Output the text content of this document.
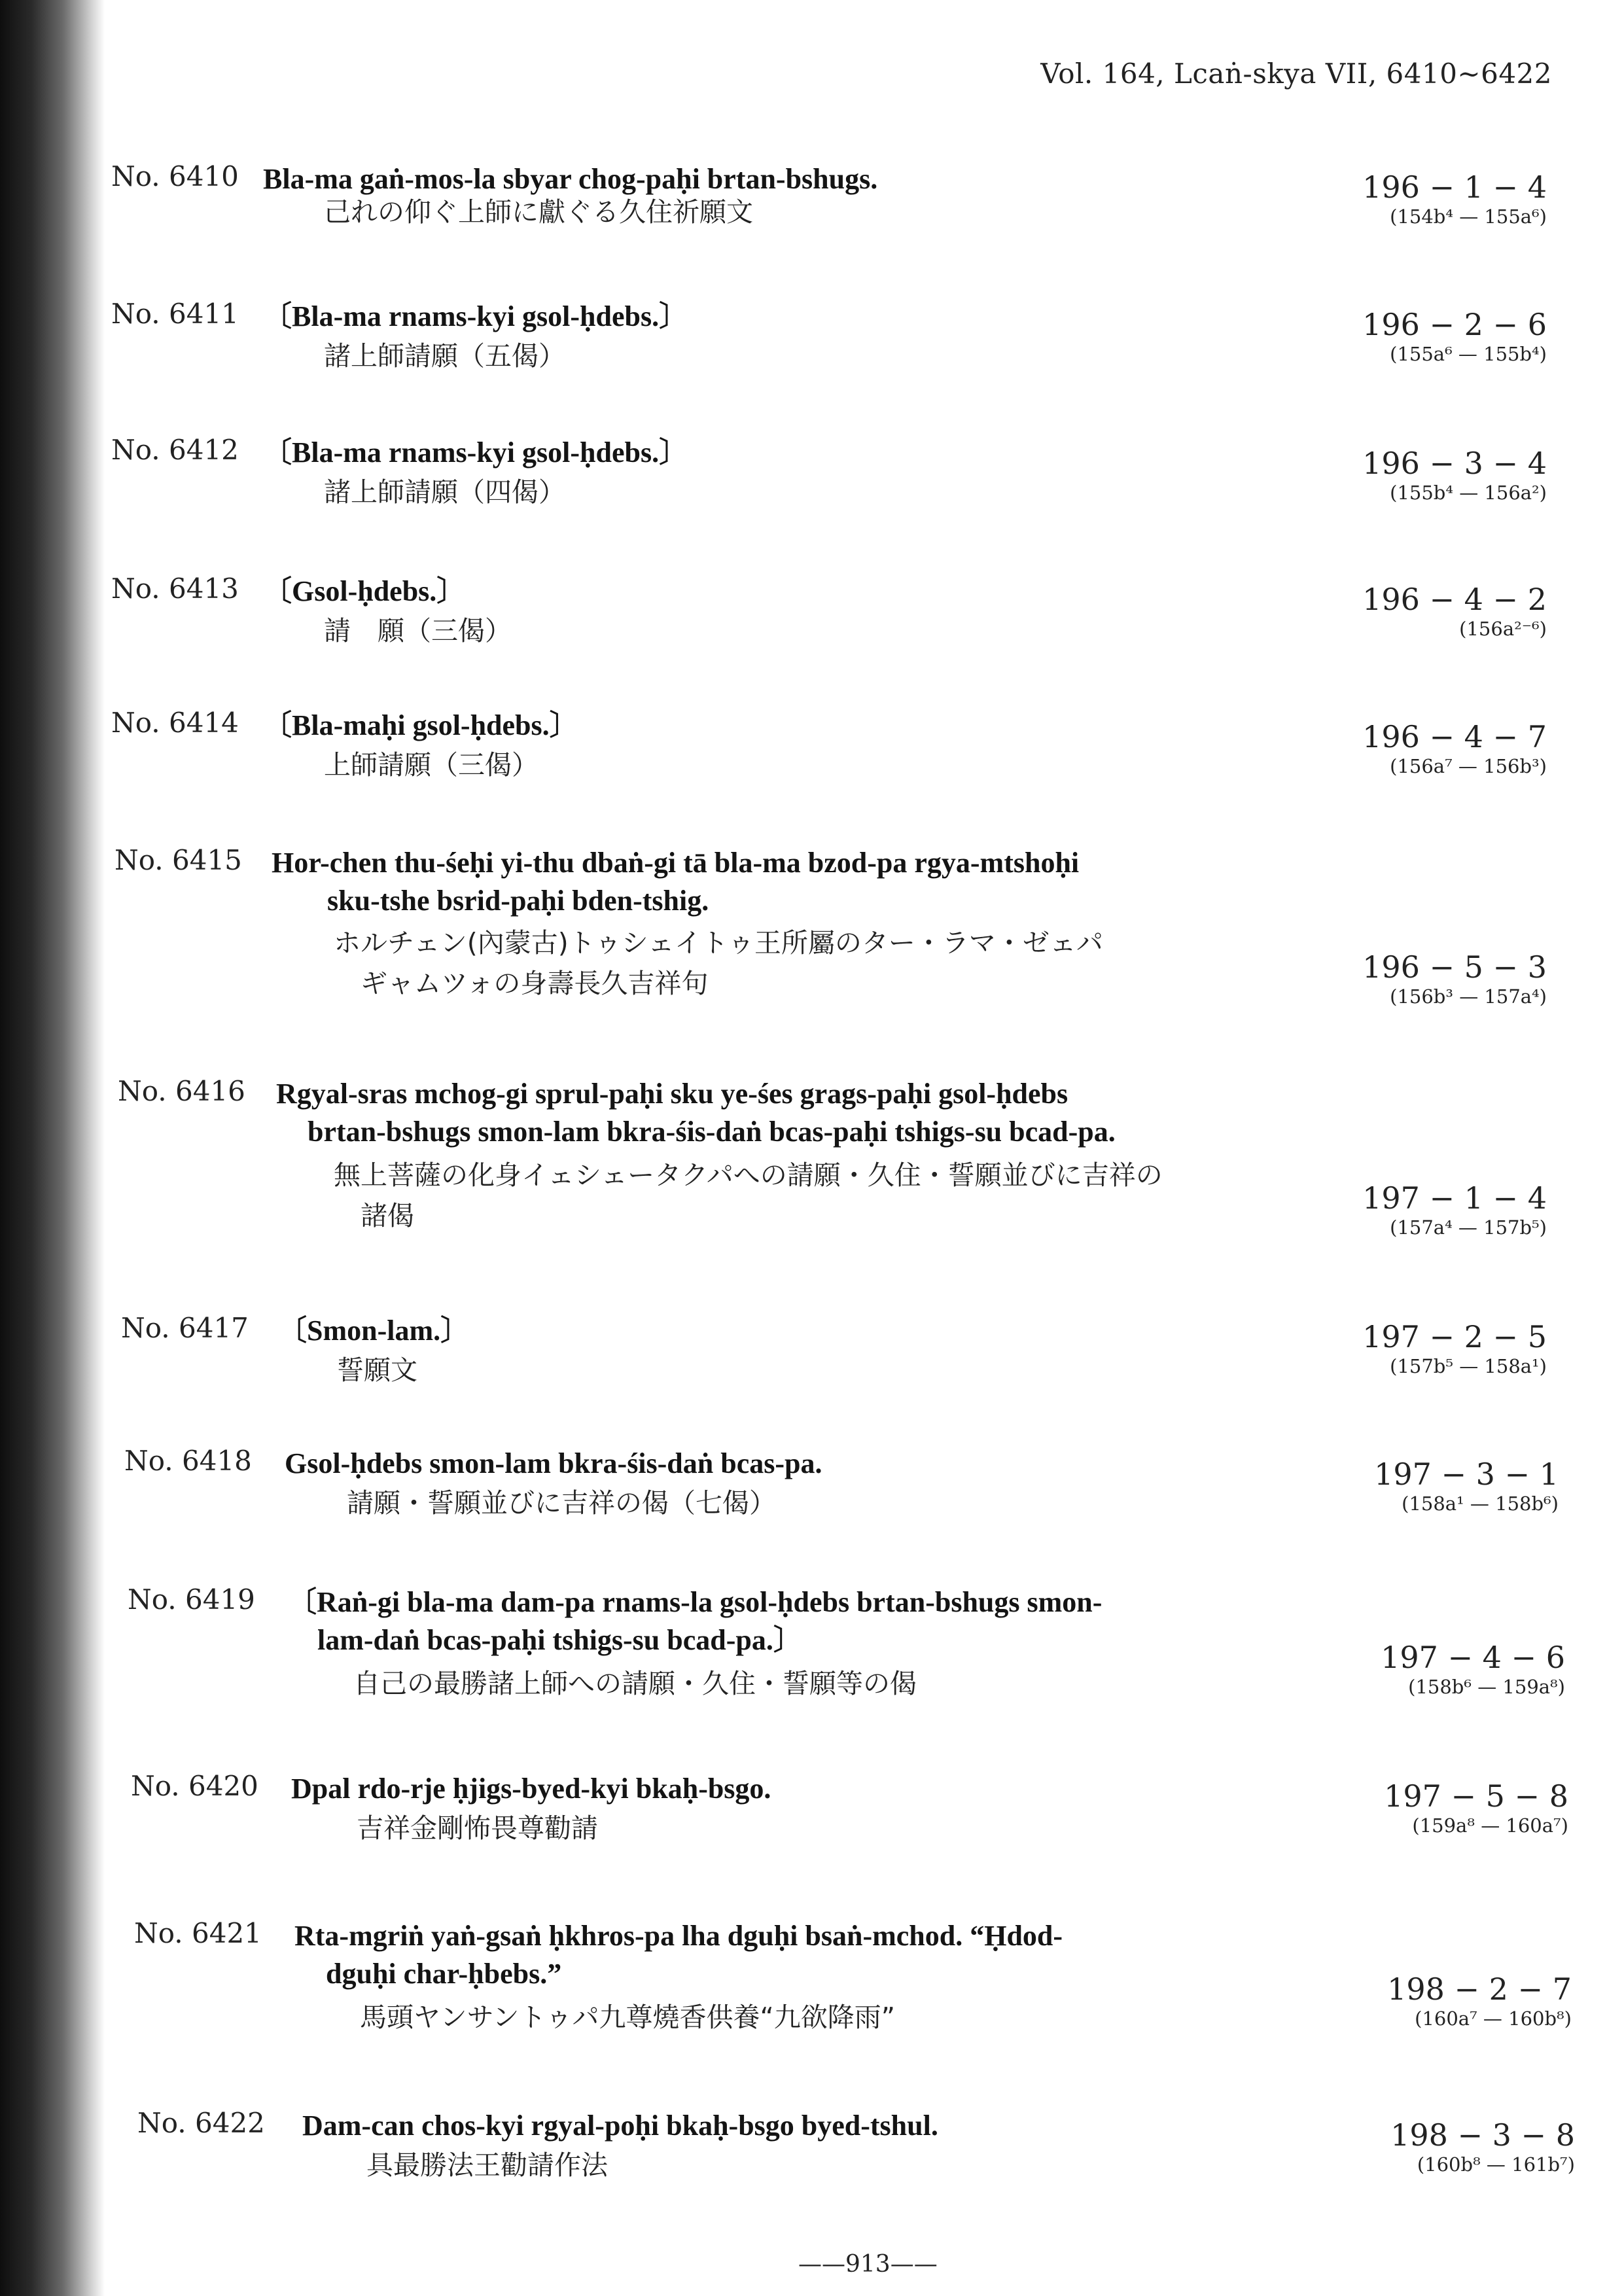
Vol. 164, Lcaṅ-skya VII, 6410∼6422
No. 6410 Bla-ma gaṅ-mos-la sbyar chog-paḥi brtan-bshugs.
己れの仰ぐ上師に獻ぐる久住祈願文
196 − 1 − 4
(154b⁴ — 155a⁶)
No. 6411 〔Bla-ma rnams-kyi gsol-ḥdebs.〕
諸上師請願（五偈）
196 − 2 − 6
(155a⁶ — 155b⁴)
No. 6412 〔Bla-ma rnams-kyi gsol-ḥdebs.〕
諸上師請願（四偈）
196 − 3 − 4
(155b⁴ — 156a²)
No. 6413 〔Gsol-ḥdebs.〕
請　願（三偈）
196 − 4 − 2
(156a²⁻⁶)
No. 6414 〔Bla-maḥi gsol-ḥdebs.〕
上師請願（三偈）
196 − 4 − 7
(156a⁷ — 156b³)
No. 6415 Hor-chen thu-śeḥi yi-thu dbaṅ-gi tā bla-ma bzod-pa rgya-mtshoḥi
sku-tshe bsrid-paḥi bden-tshig.
ホルチェン(內蒙古)トゥシェイトゥ王所屬のター・ラマ・ゼェパ
　ギャムツォの身壽長久吉祥句	196 − 5 − 3
(156b³ — 157a⁴)
No. 6416 Rgyal-sras mchog-gi sprul-paḥi sku ye-śes grags-paḥi gsol-ḥdebs
brtan-bshugs smon-lam bkra-śis-daṅ bcas-paḥi tshigs-su bcad-pa.
無上菩薩の化身イェシェータクパへの請願・久住・誓願並びに吉祥の
　諸偈	197 − 1 − 4
(157a⁴ — 157b⁵)
No. 6417 〔Smon-lam.〕
誓願文
197 − 2 − 5
(157b⁵ — 158a¹)
No. 6418 Gsol-ḥdebs smon-lam bkra-śis-daṅ bcas-pa.
請願・誓願並びに吉祥の偈（七偈）
197 − 3 − 1
(158a¹ — 158b⁶)
No. 6419 〔Raṅ-gi bla-ma dam-pa rnams-la gsol-ḥdebs brtan-bshugs smon-
lam-daṅ bcas-paḥi tshigs-su bcad-pa.〕
自己の最勝諸上師への請願・久住・誓願等の偈
197 − 4 − 6
(158b⁶ — 159a⁸)
No. 6420 Dpal rdo-rje ḥjigs-byed-kyi bkaḥ-bsgo.
吉祥金剛怖畏尊勸請
197 − 5 − 8
(159a⁸ — 160a⁷)
No. 6421 Rta-mgriṅ yaṅ-gsaṅ ḥkhros-pa lha dguḥi bsaṅ-mchod. “Ḥdod-
dguḥi char-ḥbebs.”
馬頭ヤンサントゥパ九尊燒香供養“九欲降雨”
198 − 2 − 7
(160a⁷ — 160b⁸)
No. 6422 Dam-can chos-kyi rgyal-poḥi bkaḥ-bsgo byed-tshul.
具最勝法王勸請作法
198 − 3 − 8
(160b⁸ — 161b⁷)
——913——
